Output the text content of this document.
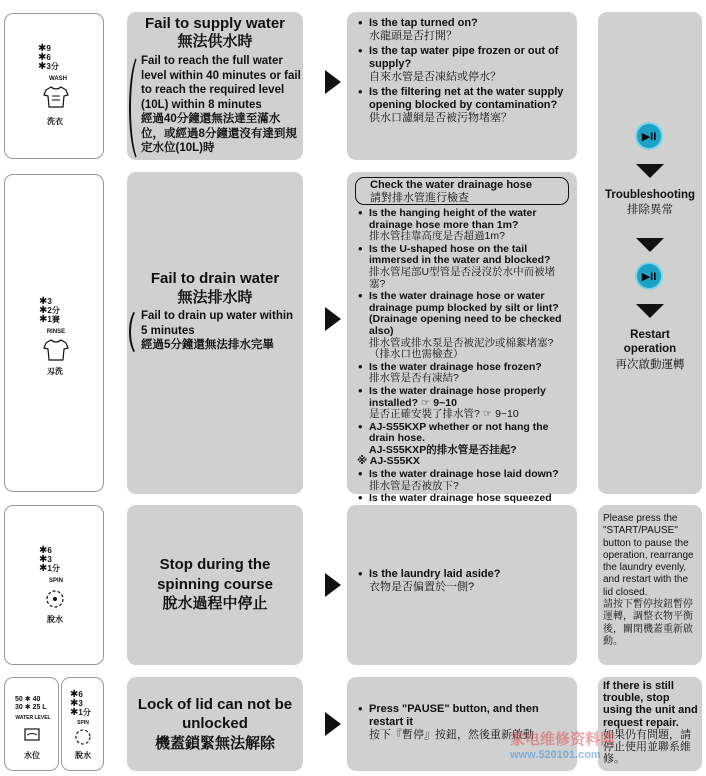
✱9
✱6
✱3分
WASH
洗衣
Fail to supply water
無法供水時
Fail to reach the full water level within 40 minutes or fail to reach the required level (10L) within 8 minutes
經過40分鐘還無法達至滿水位，或經過8分鐘還沒有達到規定水位(10L)時
• Is the tap turned on?
水龍頭是否打開？
• Is the tap water pipe frozen or out of supply?
自來水管是否凍結或停水？
• Is the filtering net at the water supply opening blocked by contamination?
供水口濾網是否被污物堵塞？
✱3
✱2分
✱1賽
RINSE
刄洗
Fail to drain water
無法排水時
Fail to drain up water within 5 minutes
經過5分鐘還無法排水完畢
Check the water drainage hose
請對排水管進行檢查
• Is the hanging height of the water drainage hose more than 1m?
排水管挂靠高度是否超過1m?
• Is the U-shaped hose on the tail immersed in the water and blocked?
排水管尾部U型管是否浸沒於水中而被堵塞?
• Is the water drainage hose or water drainage pump blocked by silt or lint? (Drainage opening need to be checked also)
排水管或排水泵是否被泥沙或棉絮堵塞?（排水口也需檢查）
• Is the water drainage hose frozen?
排水管是否有凍結?
• Is the water drainage hose properly installed? ☞ 9~10
是否正確安裝了排水管? ☞ 9~10
• AJ-S55KXP whether or not hang the drain hose.
AJ-S55KXP的排水管是否挂起?
※ AJ-S55KX
• Is the water drainage hose laid down?
排水管是否被放下?
• Is the water drainage hose squeezed
▶II
Troubleshooting
排除異常
▶II
Restart operation
再次啟動運轉
✱6
✱3
✱1分
SPIN
脫水
Stop during the spinning course
脫水過程中停止
• Is the laundry laid aside?
衣物是否偏置於一側?
Please press the "START/PAUSE" button to pause the operation, rearrange the laundry evenly, and restart with the lid closed.
請按下暫停按鈕暫停運轉，調整衣物平衡後，關閉機蓋重新啟動。
50 ✱ 40
30 ✱ 25 L
WATER LEVEL
水位
✱6
✱3
✱1分
SPIN
脫水
Lock of lid can not be unlocked
機蓋鎖緊無法解除
• Press "PAUSE" button, and then restart it
按下『暫停』按鈕，然後重新啟動
If there is still trouble, stop using the unit and request repair.
如果仍有問題，請停止使用並聯系維修。
家电维修资料网
www.520101.com
